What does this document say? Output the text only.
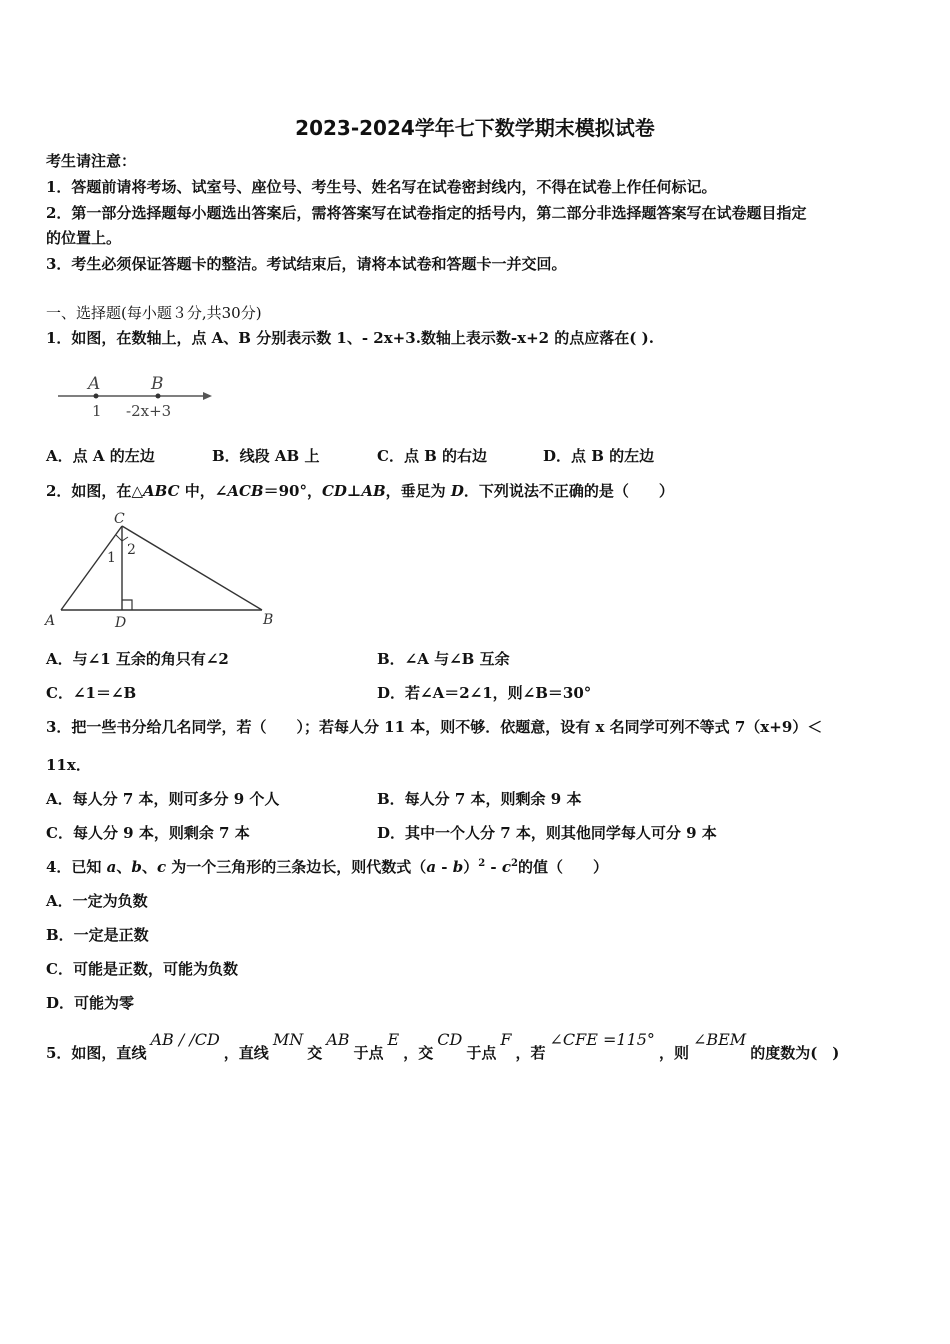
2023-2024学年七下数学期末模拟试卷
考生请注意：
1．答题前请将考场、试室号、座位号、考生号、姓名写在试卷密封线内，不得在试卷上作任何标记。
2．第一部分选择题每小题选出答案后，需将答案写在试卷指定的括号内，第二部分非选择题答案写在试卷题目指定
的位置上。
3．考生必须保证答题卡的整洁。考试结束后，请将本试卷和答题卡一并交回。
一、选择题(每小题３分,共30分)
1．如图，在数轴上，点 A、B 分别表示数 1、- 2x+3.数轴上表示数-x+2 的点应落在( ).
A	B
1 -2x+3
A．点 A 的左边	B．线段 AB 上	C．点 B 的右边	D．点 B 的左边
2．如图，在△ABC 中，∠ACB＝90°，CD⊥AB，垂足为 D．下列说法不正确的是（　　）
C
A	D	B
1 2
A．与∠1 互余的角只有∠2	B．∠A 与∠B 互余
C．∠1＝∠B	D．若∠A＝2∠1，则∠B＝30°
3．把一些书分给几名同学，若（　　）；若每人分 11 本，则不够．依题意，设有 x 名同学可列不等式 7（x+9）＜
11x．
A．每人分 7 本，则可多分 9 个人	B．每人分 7 本，则剩余 9 本
C．每人分 9 本，则剩余 7 本	D．其中一个人分 7 本，则其他同学每人可分 9 本
4．已知 a、b、c 为一个三角形的三条边长，则代数式$(a - b)^2 - c^2$的值（　　）
A．一定为负数
B．一定是正数
C．可能是正数，可能为负数
D．可能为零
5．如图，直线AB / /CD，直线MN交AB于点E，交CD于点F，若∠CFE =115°，则∠BEM的度数为(　)
